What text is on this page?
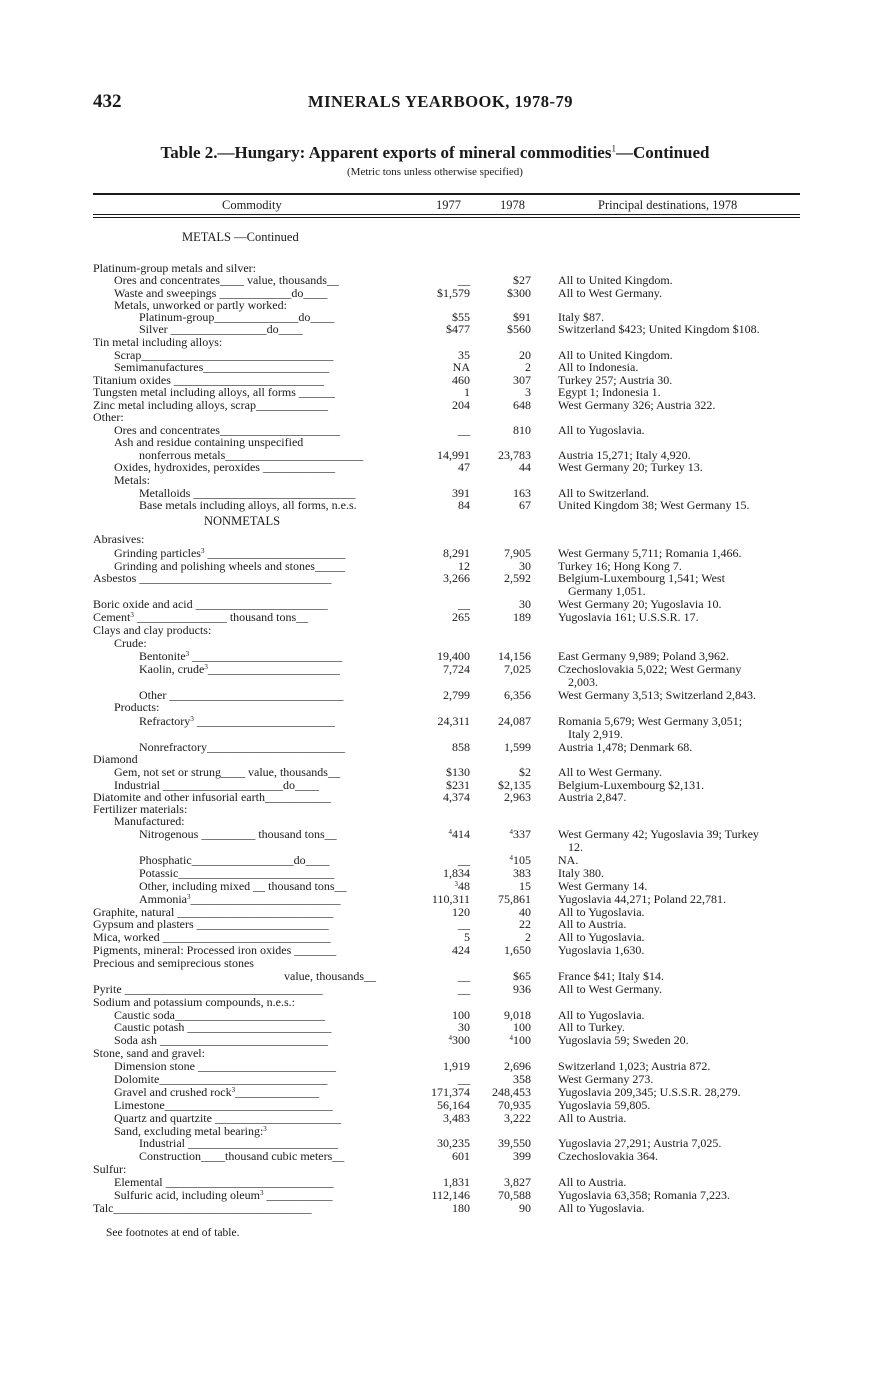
432	MINERALS YEARBOOK, 1978-79
Table 2.—Hungary: Apparent exports of mineral commodities$^1$—Continued
(Metric tons unless otherwise specified)
Commodity	1977	1978	Principal destinations, 1978
METALS —Continued
Platinum-group metals and silver:
Ores and concentrates____ value, thousands__	__	$27 All to United Kingdom.
Waste and sweepings ____________do____	$1,579	$300 All to West Germany.
Metals, unworked or partly worked:
Platinum-group______________do____	$55	$91 Italy $87.
Silver ________________do____	$477	$560 Switzerland $423; United Kingdom $108.
Tin metal including alloys:
Scrap________________________________	35	20 All to United Kingdom.
Semimanufactures_____________________	NA	2 All to Indonesia.
Titanium oxides _________________________	460	307 Turkey 257; Austria 30.
Tungsten metal including alloys, all forms ______	1	3 Egypt 1; Indonesia 1.
Zinc metal including alloys, scrap____________	204	648 West Germany 326; Austria 322.
Other:
Ores and concentrates____________________	__	810 All to Yugoslavia.
Ash and residue containing unspecified
nonferrous metals_______________________	14,991 23,783 Austria 15,271; Italy 4,920.
Oxides, hydroxides, peroxides ____________	47	44 West Germany 20; Turkey 13.
Metals:
Metalloids ___________________________	391	163 All to Switzerland.
Base metals including alloys, all forms, n.e.s.	84	67 United Kingdom 38; West Germany 15.
NONMETALS
Abrasives:
Grinding particles$^3$ _______________________	8,291	7,905 West Germany 5,711; Romania 1,466.
Grinding and polishing wheels and stones_____	12	30 Turkey 16; Hong Kong 7.
Asbestos ________________________________	3,266	2,592 Belgium-Luxembourg 1,541; West
Germany 1,051.
Boric oxide and acid ______________________	__	30 West Germany 20; Yugoslavia 10.
Cement$^3$ _______________ thousand tons__	265	189 Yugoslavia 161; U.S.S.R. 17.
Clays and clay products:
Crude:
Bentonite$^3$ _________________________	19,400 14,156 East Germany 9,989; Poland 3,962.
Kaolin, crude$^3$______________________	7,724	7,025 Czechoslovakia 5,022; West Germany
2,003.
Other _____________________________	2,799	6,356 West Germany 3,513; Switzerland 2,843.
Products:
Refractory$^3$ _______________________	24,311 24,087 Romania 5,679; West Germany 3,051;
Italy 2,919.
Nonrefractory_______________________	858	1,599 Austria 1,478; Denmark 68.
Diamond
Gem, not set or strung____ value, thousands__	$130	$2 All to West Germany.
Industrial ____________________do____	$231 $2,135 Belgium-Luxembourg $2,131.
Diatomite and other infusorial earth___________	4,374	2,963 Austria 2,847.
Fertilizer materials:
Manufactured:
Nitrogenous _________ thousand tons__	$^4$414	$^4$337 West Germany 42; Yugoslavia 39; Turkey
12.
Phosphatic_________________do____	__	$^4$105 NA.
Potassic__________________________	1,834	383 Italy 380.
Other, including mixed __ thousand tons__	$^3$48	15 West Germany 14.
Ammonia$^3$_________________________	110,311 75,861 Yugoslavia 44,271; Poland 22,781.
Graphite, natural __________________________	120	40 All to Yugoslavia.
Gypsum and plasters ______________________	__	22 All to Austria.
Mica, worked ____________________________	5	2 All to Yugoslavia.
Pigments, mineral: Processed iron oxides _______	424	1,650 Yugoslavia 1,630.
Precious and semiprecious stones
value, thousands__	__	$65 France $41; Italy $14.
Pyrite _________________________________	__	936 All to West Germany.
Sodium and potassium compounds, n.e.s.:
Caustic soda_________________________	100	9,018 All to Yugoslavia.
Caustic potash ________________________	30	100 All to Turkey.
Soda ash ____________________________	$^4$300	$^4$100 Yugoslavia 59; Sweden 20.
Stone, sand and gravel:
Dimension stone _______________________	1,919	2,696 Switzerland 1,023; Austria 872.
Dolomite____________________________	__	358 West Germany 273.
Gravel and crushed rock$^3$______________	171,374 248,453 Yugoslavia 209,345; U.S.S.R. 28,279.
Limestone____________________________	56,164 70,935 Yugoslavia 59,805.
Quartz and quartzite _____________________	3,483	3,222 All to Austria.
Sand, excluding metal bearing:$^3$
Industrial _________________________	30,235 39,550 Yugoslavia 27,291; Austria 7,025.
Construction____thousand cubic meters__	601	399 Czechoslovakia 364.
Sulfur:
Elemental ____________________________	1,831	3,827 All to Austria.
Sulfuric acid, including oleum$^3$ ___________	112,146 70,588 Yugoslavia 63,358; Romania 7,223.
Talc_________________________________	180	90 All to Yugoslavia.
See footnotes at end of table.
